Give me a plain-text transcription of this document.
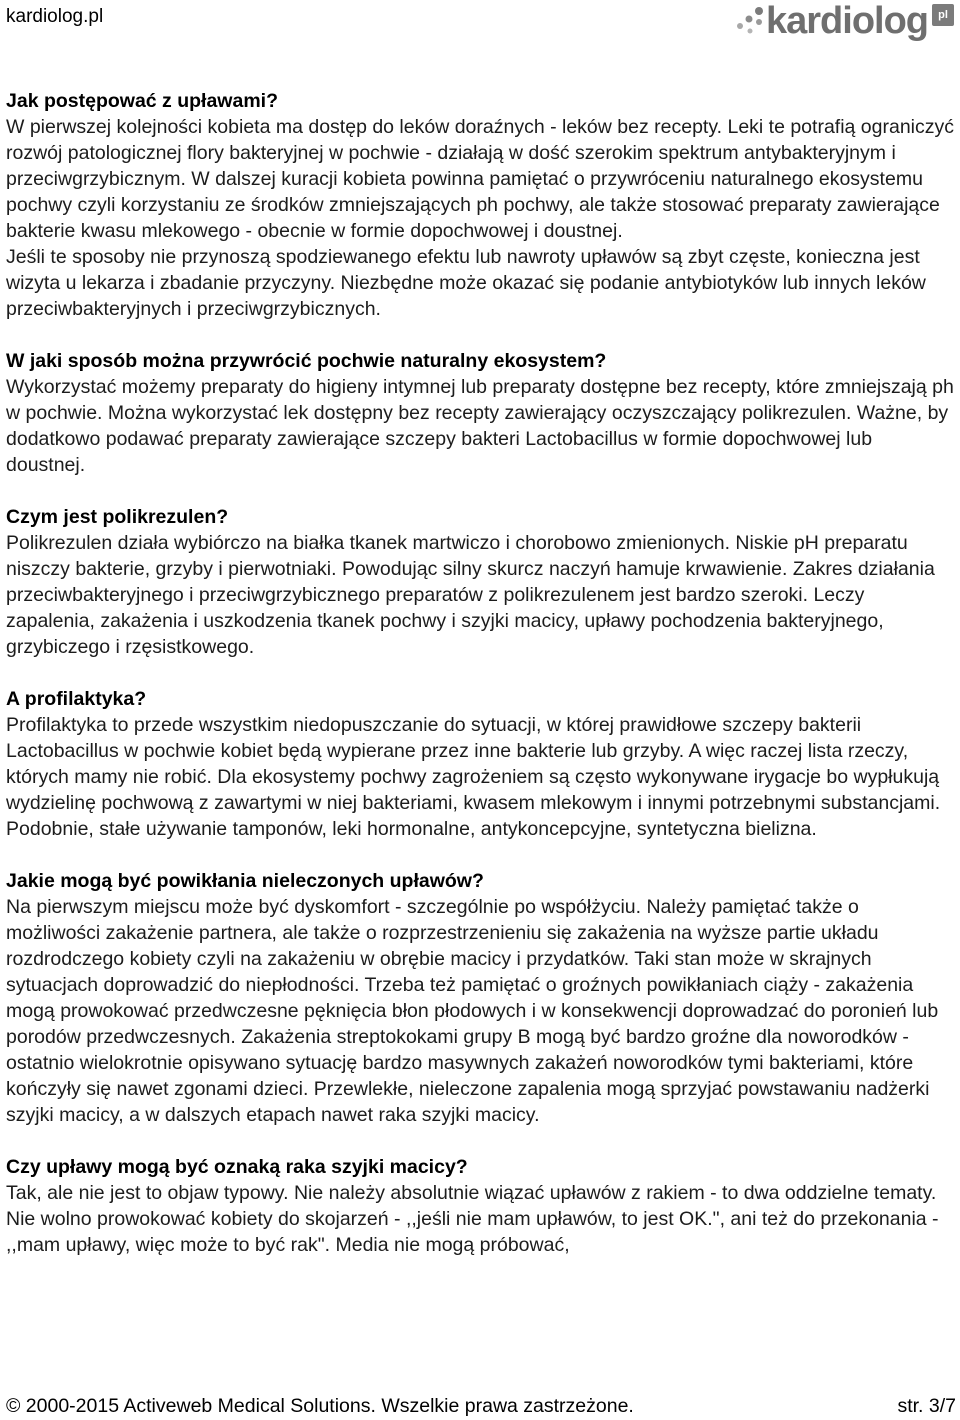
kardiolog.pl	kardiolog pl
Jak postępować z upławami?

W pierwszej kolejności kobieta ma dostęp do leków doraźnych - leków bez recepty. Leki te potrafią ograniczyć rozwój patologicznej flory bakteryjnej w pochwie - działają w dość szerokim spektrum antybakteryjnym i przeciwgrzybicznym. W dalszej kuracji kobieta powinna pamiętać o przywróceniu naturalnego ekosystemu pochwy czyli korzystaniu ze środków zmniejszających ph pochwy, ale także stosować preparaty zawierające bakterie kwasu mlekowego - obecnie w formie dopochwowej i doustnej.

Jeśli te sposoby nie przynoszą spodziewanego efektu lub nawroty upławów są zbyt częste, konieczna jest wizyta u lekarza i zbadanie przyczyny. Niezbędne może okazać się podanie antybiotyków lub innych leków przeciwbakteryjnych i przeciwgrzybicznych.

W jaki sposób można przywrócić pochwie naturalny ekosystem?

Wykorzystać możemy preparaty do higieny intymnej lub preparaty dostępne bez recepty, które zmniejszają ph w pochwie. Można wykorzystać lek dostępny bez recepty zawierający oczyszczający polikrezulen. Ważne, by dodatkowo podawać preparaty zawierające szczepy bakteri Lactobacillus w formie dopochwowej lub doustnej.

Czym jest polikrezulen?

Polikrezulen działa wybiórczo na białka tkanek martwiczo i chorobowo zmienionych. Niskie pH preparatu niszczy bakterie, grzyby i pierwotniaki. Powodując silny skurcz naczyń hamuje krwawienie. Zakres działania przeciwbakteryjnego i przeciwgrzybicznego preparatów z polikrezulenem jest bardzo szeroki. Leczy zapalenia, zakażenia i uszkodzenia tkanek pochwy i szyjki macicy, upławy pochodzenia bakteryjnego, grzybiczego i rzęsistkowego.

A profilaktyka?

Profilaktyka to przede wszystkim niedopuszczanie do sytuacji, w której prawidłowe szczepy bakterii Lactobacillus w pochwie kobiet będą wypierane przez inne bakterie lub grzyby. A więc raczej lista rzeczy, których mamy nie robić. Dla ekosystemy pochwy zagrożeniem są często wykonywane irygacje bo wypłukują wydzielinę pochwową z zawartymi w niej bakteriami, kwasem mlekowym i innymi potrzebnymi substancjami. Podobnie, stałe używanie tamponów, leki hormonalne, antykoncepcyjne, syntetyczna bielizna.

Jakie mogą być powikłania nieleczonych upławów?

Na pierwszym miejscu może być dyskomfort - szczególnie po współżyciu. Należy pamiętać także o możliwości zakażenie partnera, ale także o rozprzestrzenieniu się zakażenia na wyższe partie układu rozdrodczego kobiety czyli na zakażeniu w obrębie macicy i przydatków. Taki stan może w skrajnych sytuacjach doprowadzić do niepłodności. Trzeba też pamiętać o groźnych powikłaniach ciąży - zakażenia mogą prowokować przedwczesne pęknięcia błon płodowych i w konsekwencji doprowadzać do poronień lub porodów przedwczesnych. Zakażenia streptokokami grupy B mogą być bardzo groźne dla noworodków - ostatnio wielokrotnie opisywano sytuację bardzo masywnych zakażeń noworodków tymi bakteriami, które kończyły się nawet zgonami dzieci. Przewlekłe, nieleczone zapalenia mogą sprzyjać powstawaniu nadżerki szyjki macicy, a w dalszych etapach nawet raka szyjki macicy.

Czy upławy mogą być oznaką raka szyjki macicy?

Tak, ale nie jest to objaw typowy. Nie należy absolutnie wiązać upławów z rakiem - to dwa oddzielne tematy. Nie wolno prowokować kobiety do skojarzeń - ,,jeśli nie mam upławów, to jest OK.", ani też do przekonania - ,,mam upławy, więc może to być rak". Media nie mogą próbować,

© 2000-2015 Activeweb Medical Solutions. Wszelkie prawa zastrzeżone.	str. 3/7
